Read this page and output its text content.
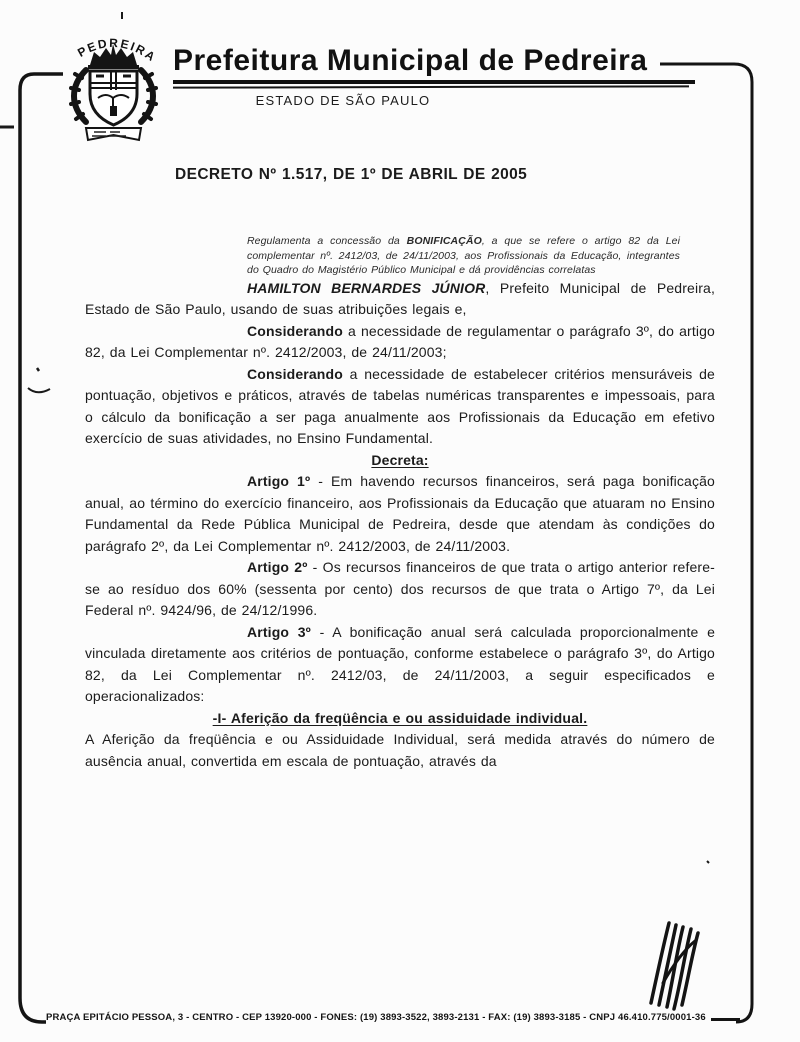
PEDREIRA Prefeitura Municipal de Pedreira
ESTADO DE SÃO PAULO
DECRETO Nº 1.517, DE 1º DE ABRIL DE 2005
Regulamenta a concessão da BONIFICAÇÃO, a que se refere o artigo 82 da Lei complementar nº. 2412/03, de 24/11/2003, aos Profissionais da Educação, integrantes do Quadro do Magistério Público Municipal e dá providências correlatas

HAMILTON BERNARDES JÚNIOR, Prefeito Municipal de Pedreira, Estado de São Paulo, usando de suas atribuições legais e,

Considerando a necessidade de regulamentar o parágrafo 3º, do artigo 82, da Lei Complementar nº. 2412/2003, de 24/11/2003;

Considerando a necessidade de estabelecer critérios mensuráveis de pontuação, objetivos e práticos, através de tabelas numéricas transparentes e impessoais, para o cálculo da bonificação a ser paga anualmente aos Profissionais da Educação em efetivo exercício de suas atividades, no Ensino Fundamental.

Decreta:

Artigo 1º - Em havendo recursos financeiros, será paga bonificação anual, ao término do exercício financeiro, aos Profissionais da Educação que atuaram no Ensino Fundamental da Rede Pública Municipal de Pedreira, desde que atendam às condições do parágrafo 2º, da Lei Complementar nº. 2412/2003, de 24/11/2003.

Artigo 2º - Os recursos financeiros de que trata o artigo anterior refere-se ao resíduo dos 60% (sessenta por cento) dos recursos de que trata o Artigo 7º, da Lei Federal nº. 9424/96, de 24/12/1996.

Artigo 3º - A bonificação anual será calculada proporcionalmente e vinculada diretamente aos critérios de pontuação, conforme estabelece o parágrafo 3º, do Artigo 82, da Lei Complementar nº. 2412/03, de 24/11/2003, a seguir especificados e operacionalizados:

-I- Aferição da freqüência e ou assiduidade individual.

A Aferição da freqüência e ou Assiduidade Individual, será medida através do número de ausência anual, convertida em escala de pontuação, através da

PRAÇA EPITÁCIO PESSOA, 3 - CENTRO - CEP 13920-000 - FONES: (19) 3893-3522, 3893-2131 - FAX: (19) 3893-3185 - CNPJ 46.410.775/0001-36
